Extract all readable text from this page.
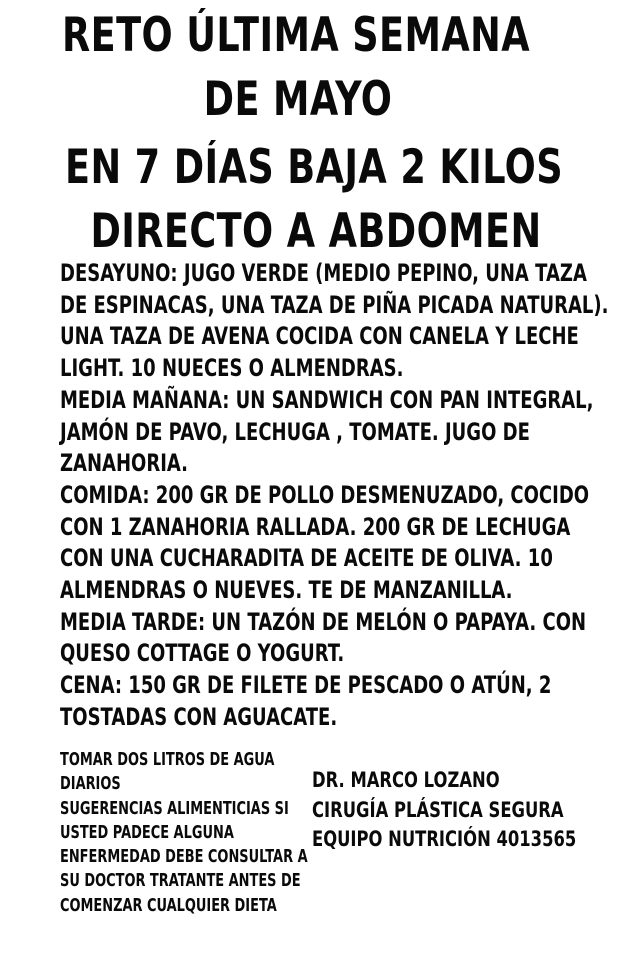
RETO ÚLTIMA SEMANA
DE MAYO
EN 7 DÍAS BAJA 2 KILOS
DIRECTO A ABDOMEN
DESAYUNO: JUGO VERDE (MEDIO PEPINO, UNA TAZA
DE ESPINACAS, UNA TAZA DE PIÑA PICADA NATURAL).
UNA TAZA DE AVENA COCIDA CON CANELA Y LECHE
LIGHT. 10 NUECES O ALMENDRAS.
MEDIA MAÑANA: UN SANDWICH CON PAN INTEGRAL,
JAMÓN DE PAVO, LECHUGA , TOMATE. JUGO DE
ZANAHORIA.
COMIDA: 200 GR DE POLLO DESMENUZADO, COCIDO
CON 1 ZANAHORIA RALLADA. 200 GR DE LECHUGA
CON UNA CUCHARADITA DE ACEITE DE OLIVA. 10
ALMENDRAS O NUEVES. TE DE MANZANILLA.
MEDIA TARDE: UN TAZÓN DE MELÓN O PAPAYA. CON
QUESO COTTAGE O YOGURT.
CENA: 150 GR DE FILETE DE PESCADO O ATÚN, 2
TOSTADAS CON AGUACATE.
TOMAR DOS LITROS DE AGUA
DIARIOS
SUGERENCIAS ALIMENTICIAS SI
USTED PADECE ALGUNA
ENFERMEDAD DEBE CONSULTAR A
SU DOCTOR TRATANTE ANTES DE
COMENZAR CUALQUIER DIETA
DR. MARCO LOZANO
CIRUGÍA PLÁSTICA SEGURA
EQUIPO NUTRICIÓN 4013565
